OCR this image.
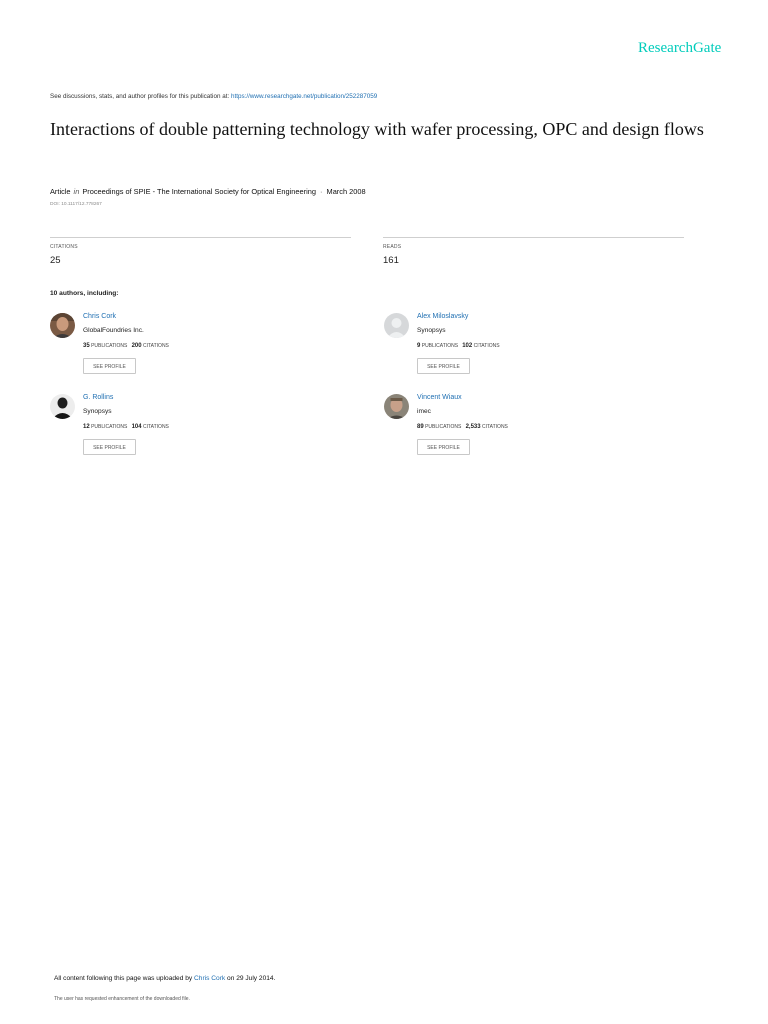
ResearchGate
See discussions, stats, and author profiles for this publication at: https://www.researchgate.net/publication/252287059
Interactions of double patterning technology with wafer processing, OPC and design flows
Article in Proceedings of SPIE - The International Society for Optical Engineering · March 2008
DOI: 10.1117/12.778267
CITATIONS
25
READS
161
10 authors, including:
Chris Cork
GlobalFoundries Inc.
35 PUBLICATIONS 200 CITATIONS
SEE PROFILE
Alex Miloslavsky
Synopsys
9 PUBLICATIONS 102 CITATIONS
SEE PROFILE
G. Rollins
Synopsys
12 PUBLICATIONS 104 CITATIONS
SEE PROFILE
Vincent Wiaux
imec
89 PUBLICATIONS 2,533 CITATIONS
SEE PROFILE
All content following this page was uploaded by Chris Cork on 29 July 2014.
The user has requested enhancement of the downloaded file.
